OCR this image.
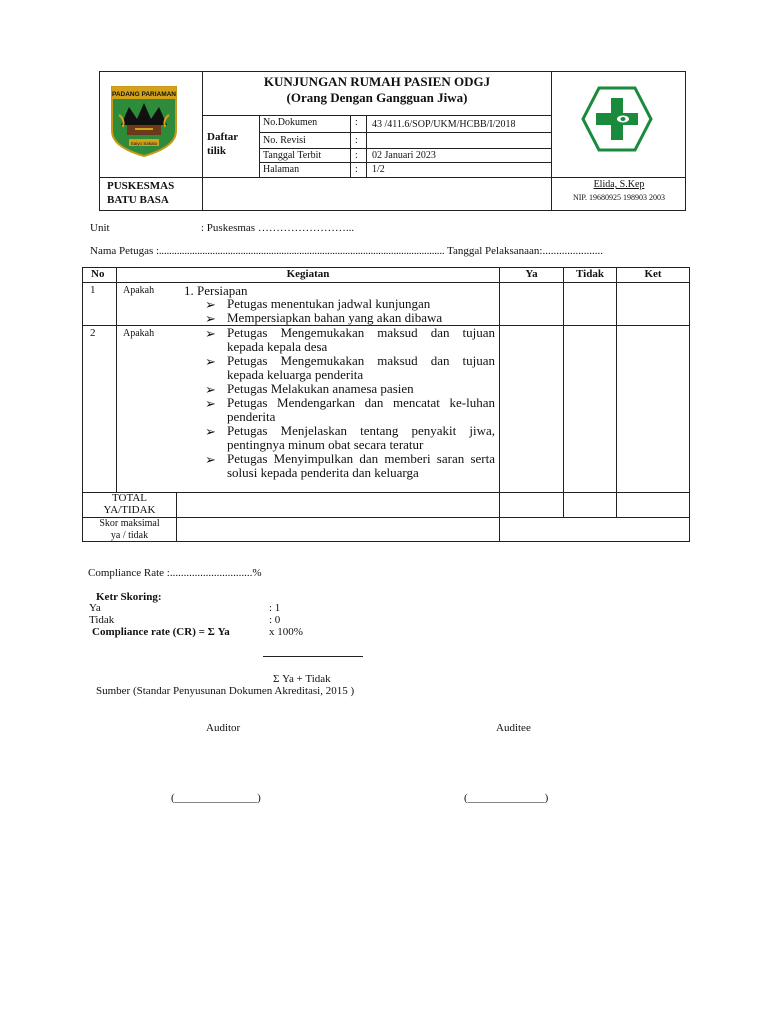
PADANG PARIAMAN
Saiyo Sakato
KUNJUNGAN RUMAH PASIEN ODGJ
(Orang Dengan Gangguan Jiwa)
Daftar tilik
No.Dokumen	: 43 /411.6/SOP/UKM/HCBB/I/2018
No. Revisi	:
Tanggal Terbit	: 02 Januari 2023
Halaman	: 1/2
PUSKESMAS
BATU BASA
Elida, S.Kep
NIP. 19680925 198903 2003
Unit	: Puskesmas ……………………...
Nama Petugas :................................................................................................................ Tanggal Pelaksanaan:......................
No	Kegiatan	Ya	Tidak	Ket
1	Apakah 1. Persiapan
➢ Petugas menentukan jadwal kunjungan
➢ Mempersiapkan bahan yang akan dibawa
2	Apakah	➢ Petugas Mengemukakan maksud dan tujuan kepada kepala desa
➢ Petugas Mengemukakan maksud dan tujuan kepada keluarga penderita
➢ Petugas Melakukan anamesa pasien
➢ Petugas Mendengarkan dan mencatat ke-luhan penderita
➢ Petugas Menjelaskan tentang penyakit jiwa, pentingnya minum obat secara teratur
➢ Petugas Menyimpulkan dan memberi saran serta solusi kepada penderita dan keluarga
TOTAL
YA/TIDAK
Skor maksimal
ya / tidak
Compliance Rate :..............................%
Ketr Skoring:
Ya	: 1
Tidak	: 0
Compliance rate (CR) = Σ Ya	x 100%
Σ Ya + Tidak
Sumber (Standar Penyusunan Dokumen Akreditasi, 2015 )
Auditor	Auditee
(_______________)	(______________)
